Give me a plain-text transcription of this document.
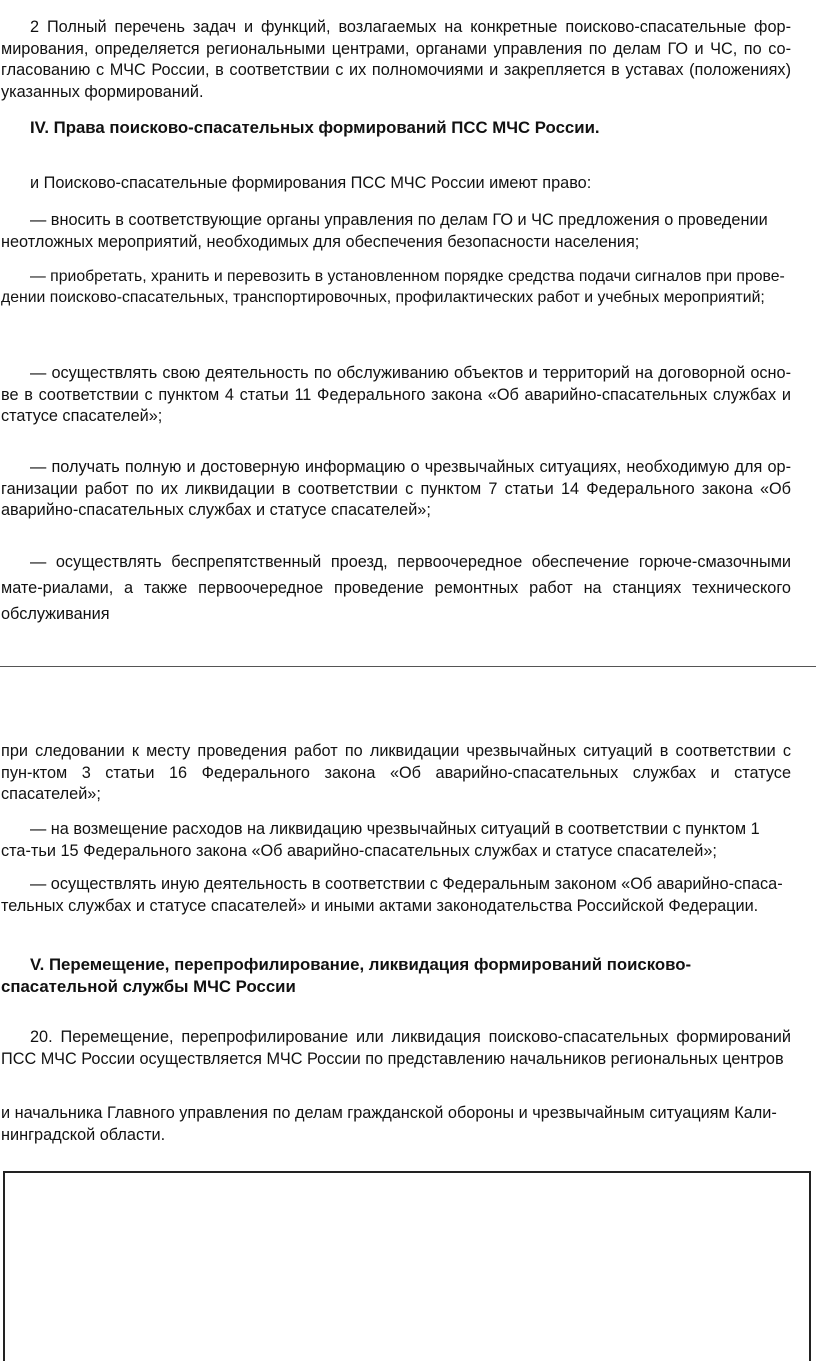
2 Полный перечень задач и функций, возлагаемых на конкретные поисково-спасательные фор-мирования, определяется региональными центрами, органами управления по делам ГО и ЧС, по со-гласованию с МЧС России, в соответствии с их полномочиями и закрепляется в уставах (положениях) указанных формирований.

IV. Права поисково-спасательных формирований ПСС МЧС России.

и Поисково-спасательные формирования ПСС МЧС России имеют право:

— вносить в соответствующие органы управления по делам ГО и ЧС предложения о проведении неотложных мероприятий, необходимых для обеспечения безопасности населения;

— приобретать, хранить и перевозить в установленном порядке средства подачи сигналов при прове-дении поисково-спасательных, транспортировочных, профилактических работ и учебных мероприятий;

— осуществлять свою деятельность по обслуживанию объектов и территорий на договорной осно-ве в соответствии с пунктом 4 статьи 11 Федерального закона «Об аварийно-спасательных службах и статусе спасателей»;

— получать полную и достоверную информацию о чрезвычайных ситуациях, необходимую для ор-ганизации работ по их ликвидации в соответствии с пунктом 7 статьи 14 Федерального закона «Об аварийно-спасательных службах и статусе спасателей»;

— осуществлять беспрепятственный проезд, первоочередное обеспечение горюче-смазочными мате-риалами, а также первоочередное проведение ремонтных работ на станциях технического обслуживания

при следовании к месту проведения работ по ликвидации чрезвычайных ситуаций в соответствии с пун-ктом 3 статьи 16 Федерального закона «Об аварийно-спасательных службах и статусе спасателей»;

— на возмещение расходов на ликвидацию чрезвычайных ситуаций в соответствии с пунктом 1 ста-тьи 15 Федерального закона «Об аварийно-спасательных службах и статусе спасателей»;

— осуществлять иную деятельность в соответствии с Федеральным законом «Об аварийно-спаса-тельных службах и статусе спасателей» и иными актами законодательства Российской Федерации.

V. Перемещение, перепрофилирование, ликвидация формирований поисково-спасательной службы МЧС России

20. Перемещение, перепрофилирование или ликвидация поисково-спасательных формирований ПСС МЧС России осуществляется МЧС России по представлению начальников региональных центров

и начальника Главного управления по делам гражданской обороны и чрезвычайным ситуациям Кали-нинградской области.
